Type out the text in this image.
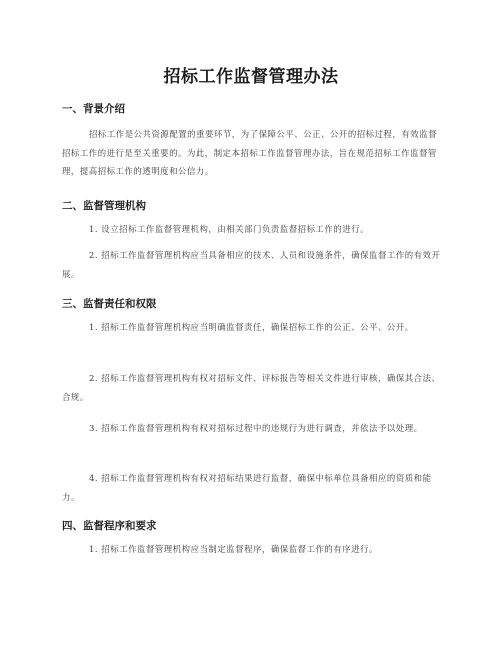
招标工作监督管理办法
一、背景介绍

招标工作是公共资源配置的重要环节，为了保障公平、公正、公开的招标过程，有效监督招标工作的进行是至关重要的。为此，制定本招标工作监督管理办法，旨在规范招标工作监督管理，提高招标工作的透明度和公信力。

二、监督管理机构

1. 设立招标工作监督管理机构，由相关部门负责监督招标工作的进行。

2. 招标工作监督管理机构应当具备相应的技术、人员和设施条件，确保监督工作的有效开展。

三、监督责任和权限

1. 招标工作监督管理机构应当明确监督责任，确保招标工作的公正、公平、公开。

2. 招标工作监督管理机构有权对招标文件、评标报告等相关文件进行审核，确保其合法、合规。

3. 招标工作监督管理机构有权对招标过程中的违规行为进行调查，并依法予以处理。

4. 招标工作监督管理机构有权对招标结果进行监督，确保中标单位具备相应的资质和能力。

四、监督程序和要求

1. 招标工作监督管理机构应当制定监督程序，确保监督工作的有序进行。
